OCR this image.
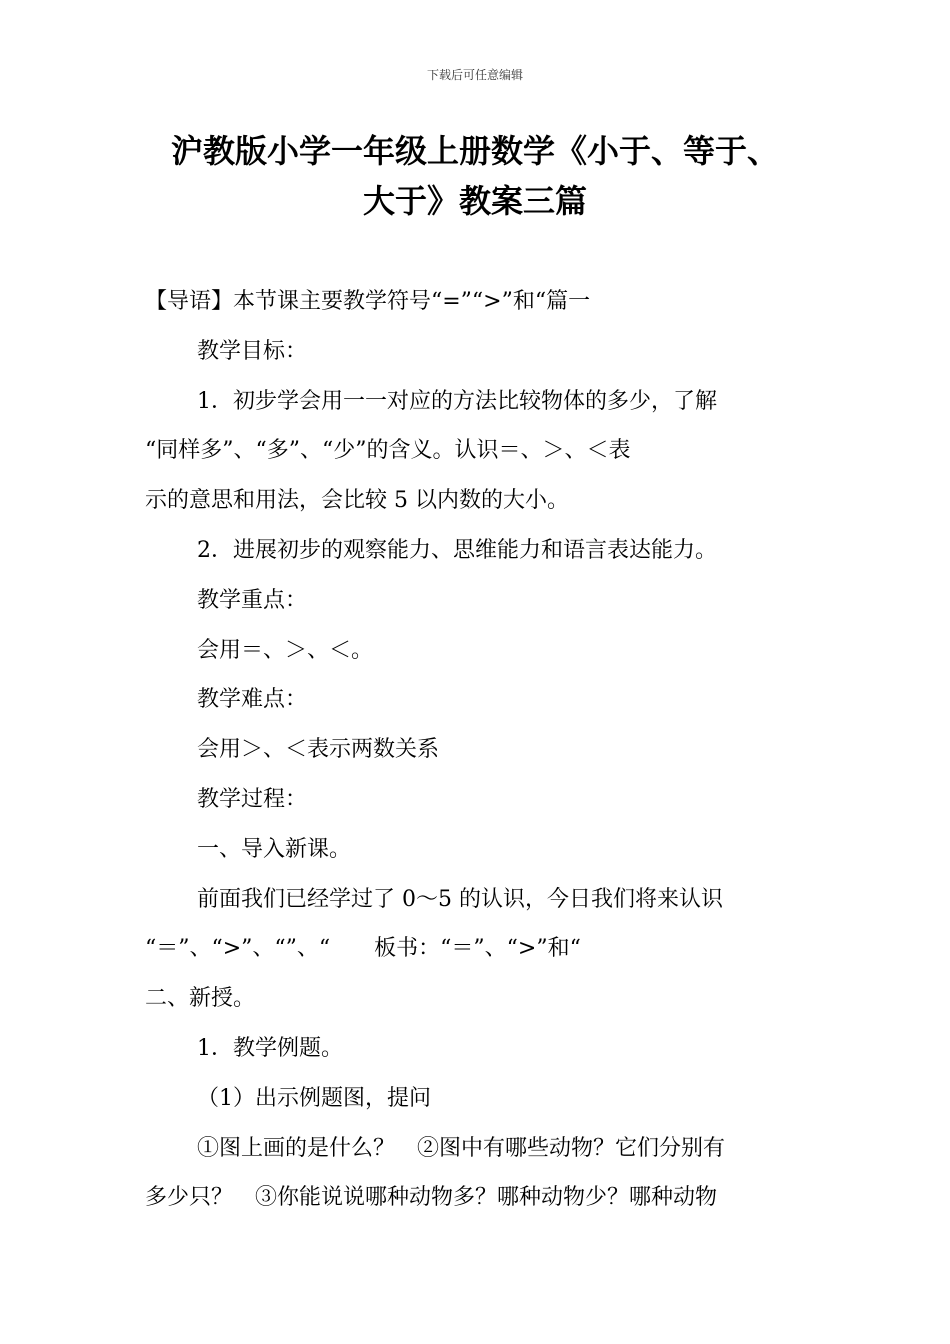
下载后可任意编辑
沪教版小学一年级上册数学《小于、等于、
大于》教案三篇

【导语】本节课主要教学符号“=”“>”和“篇一

教学目标：

1．初步学会用一一对应的方法比较物体的多少，了解

“同样多”、“多”、“少”的含义。认识＝、＞、＜表

示的意思和用法，会比较 5 以内数的大小。

2．进展初步的观察能力、思维能力和语言表达能力。

教学重点：

会用＝、＞、＜。

教学难点：

会用＞、＜表示两数关系

教学过程：

一、导入新课。

前面我们已经学过了 0～5 的认识，今日我们将来认识

“＝”、“>”、“”、“　　板书：“＝”、“>”和“

二、新授。

1．教学例题。

（1）出示例题图，提问

①图上画的是什么？　②图中有哪些动物？它们分别有

多少只？　③你能说说哪种动物多？哪种动物少？哪种动物
